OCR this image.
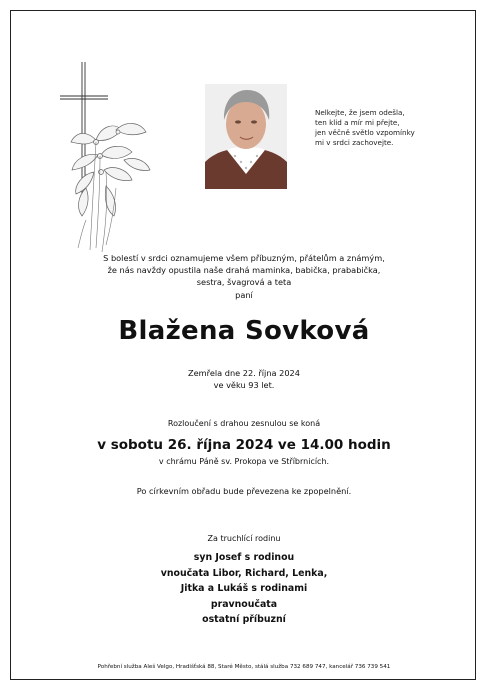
Nelkejte, že jsem odešla,
ten klid a mír mi přejte,
jen věčně světlo vzpomínky
mi v srdci zachovejte.
S bolestí v srdci oznamujeme všem příbuzným, přátelům a známým,
že nás navždy opustila naše drahá maminka, babička, prababička,
sestra, švagrová a teta
paní
Blažena Sovková
Zemřela dne 22. října 2024
ve věku 93 let.
Rozloučení s drahou zesnulou se koná
v sobotu 26. října 2024 ve 14.00 hodin
v chrámu Páně sv. Prokopa ve Stříbrnicích.
Po církevním obřadu bude převezena ke zpopelnění.
Za truchlící rodinu
syn Josef s rodinou
vnoučata Libor, Richard, Lenka,
Jitka a Lukáš s rodinami
pravnoučata
ostatní příbuzní
Pohřební služba Aleš Velgo, Hradišťská 88, Staré Město, stálá služba 732 689 747, kancelář 736 739 541
